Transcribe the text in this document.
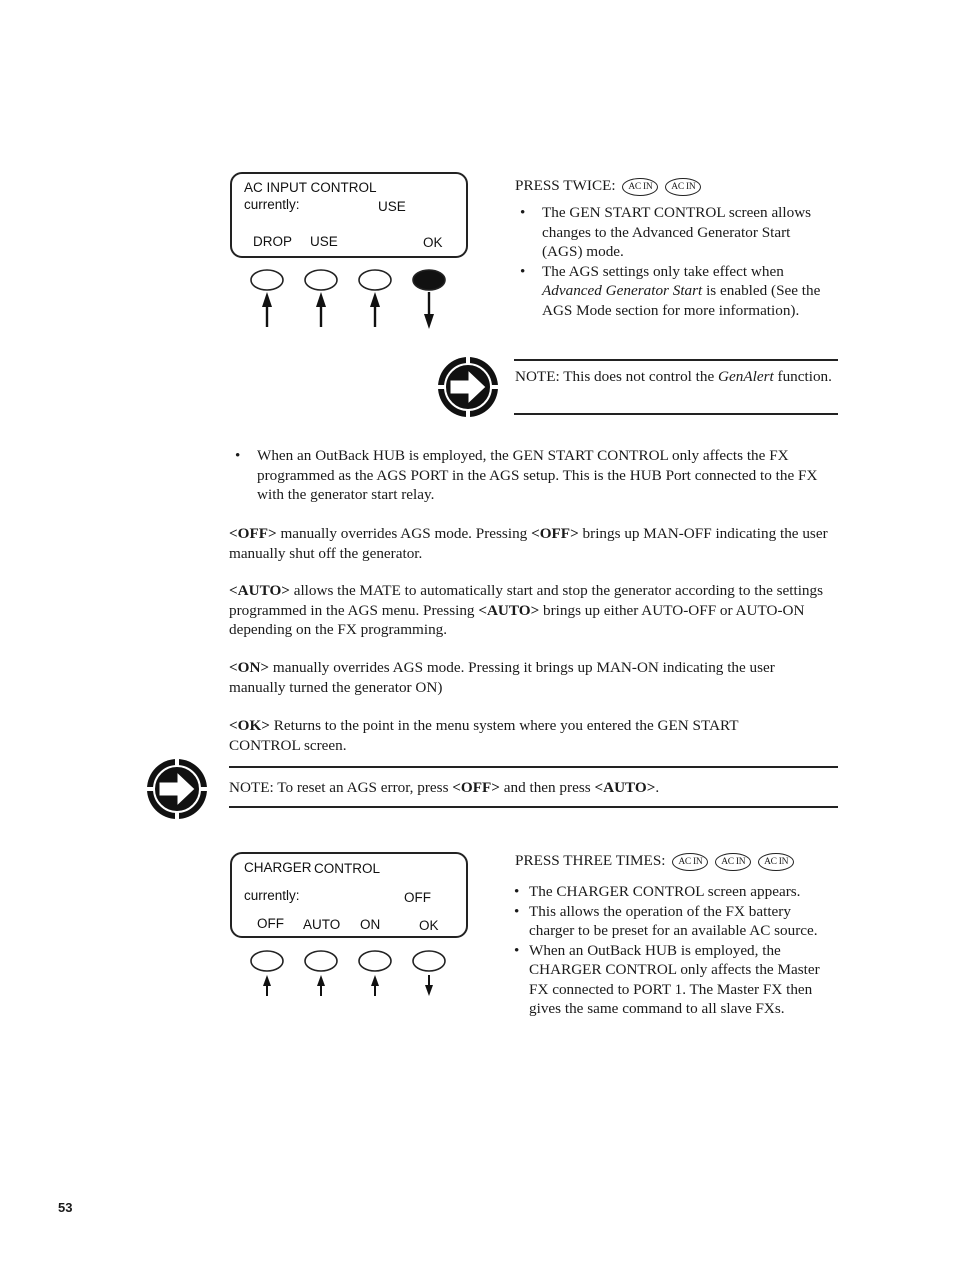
AC INPUT CONTROL
currently:	USE
DROP USE	OK
PRESS TWICE: AC IN AC IN
• The GEN START CONTROL screen allows changes to the Advanced Generator Start (AGS) mode.
• The AGS settings only take effect when Advanced Generator Start is enabled (See the AGS Mode section for more information).
NOTE: This does not control the GenAlert function.
• When an OutBack HUB is employed, the GEN START CONTROL only affects the FX programmed as the AGS PORT in the AGS setup. This is the HUB Port connected to the FX with the generator start relay.
<OFF> manually overrides AGS mode. Pressing <OFF> brings up MAN-OFF indicating the user manually shut off the generator.
<AUTO> allows the MATE to automatically start and stop the generator according to the settings programmed in the AGS menu. Pressing <AUTO> brings up either AUTO-OFF or AUTO-ON depending on the FX programming.
<ON> manually overrides AGS mode. Pressing it brings up MAN-ON indicating the user manually turned the generator ON)
<OK> Returns to the point in the menu system where you entered the GEN START CONTROL screen.
NOTE: To reset an AGS error, press <OFF> and then press <AUTO>.
CHARGER CONTROL
currently:	OFF
OFF AUTO ON	OK
PRESS THREE TIMES: AC IN AC IN AC IN
• The CHARGER CONTROL screen appears.
• This allows the operation of the FX battery charger to be preset for an available AC source.
• When an OutBack HUB is employed, the CHARGER CONTROL only affects the Master FX connected to PORT 1. The Master FX then gives the same command to all slave FXs.
53
